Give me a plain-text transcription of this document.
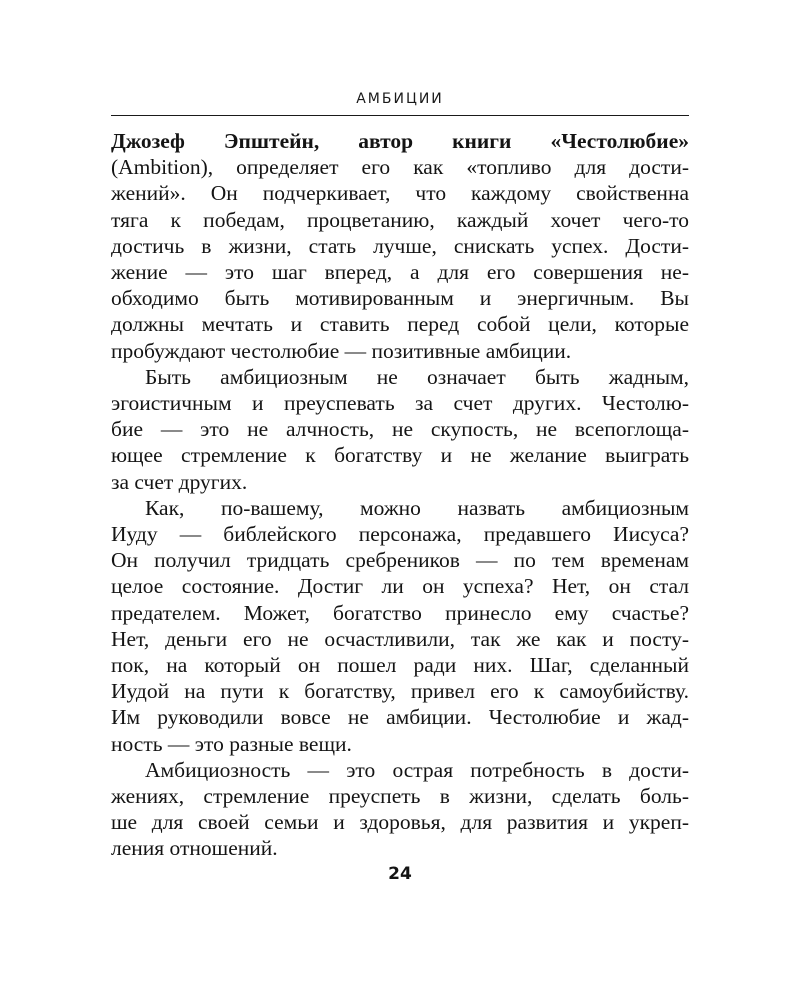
АМБИЦИИ
Джозеф Эпштейн, автор книги «Честолюбие»
(Ambition), определяет его как «топливо для дости-
жений». Он подчеркивает, что каждому свойственна
тяга к победам, процветанию, каждый хочет чего-то
достичь в жизни, стать лучше, снискать успех. Дости-
жение — это шаг вперед, а для его совершения не-
обходимо быть мотивированным и энергичным. Вы
должны мечтать и ставить перед собой цели, которые
пробуждают честолюбие — позитивные амбиции.
Быть амбициозным не означает быть жадным,
эгоистичным и преуспевать за счет других. Честолю-
бие — это не алчность, не скупость, не всепоглоща-
ющее стремление к богатству и не желание выиграть
за счет других.
Как, по-вашему, можно назвать амбициозным
Иуду — библейского персонажа, предавшего Иисуса?
Он получил тридцать сребреников — по тем временам
целое состояние. Достиг ли он успеха? Нет, он стал
предателем. Может, богатство принесло ему счастье?
Нет, деньги его не осчастливили, так же как и посту-
пок, на который он пошел ради них. Шаг, сделанный
Иудой на пути к богатству, привел его к самоубийству.
Им руководили вовсе не амбиции. Честолюбие и жад-
ность — это разные вещи.
Амбициозность — это острая потребность в дости-
жениях, стремление преуспеть в жизни, сделать боль-
ше для своей семьи и здоровья, для развития и укреп-
ления отношений.
24
